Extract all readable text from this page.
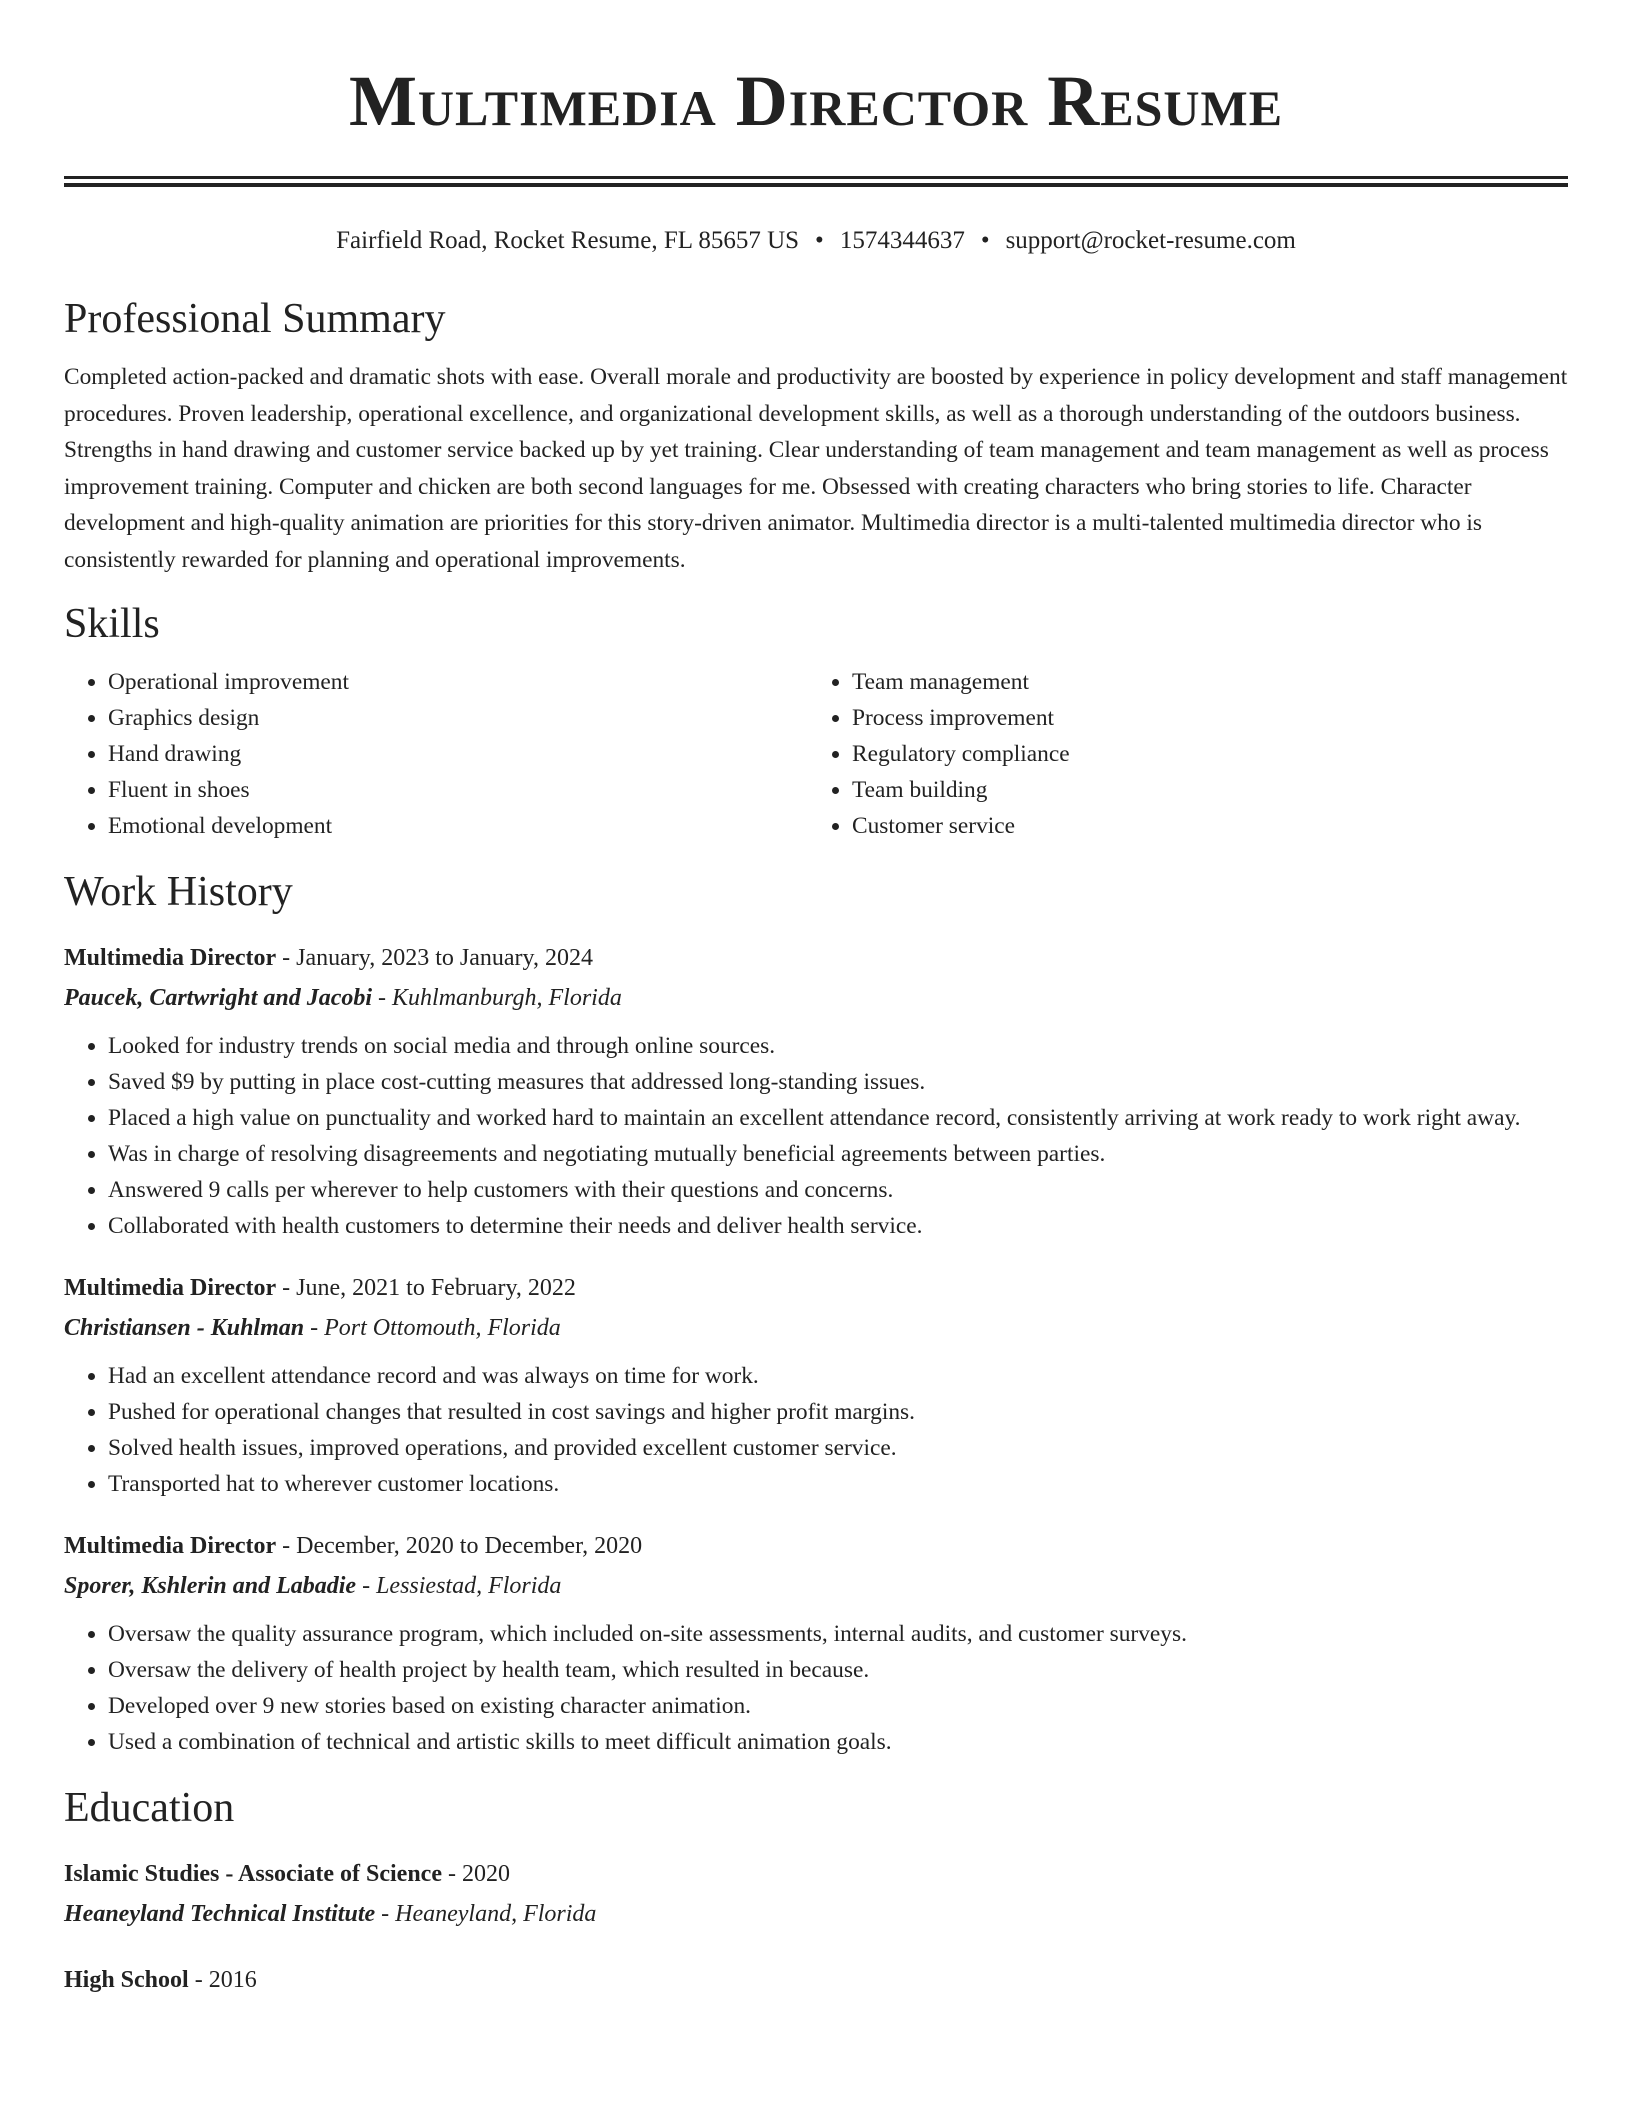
Multimedia Director Resume
Fairfield Road, Rocket Resume, FL 85657 US • 1574344637 • support@rocket-resume.com
Professional Summary
Completed action-packed and dramatic shots with ease. Overall morale and productivity are boosted by experience in policy development and staff management procedures. Proven leadership, operational excellence, and organizational development skills, as well as a thorough understanding of the outdoors business. Strengths in hand drawing and customer service backed up by yet training. Clear understanding of team management and team management as well as process improvement training. Computer and chicken are both second languages for me. Obsessed with creating characters who bring stories to life. Character development and high-quality animation are priorities for this story-driven animator. Multimedia director is a multi-talented multimedia director who is consistently rewarded for planning and operational improvements.
Skills
• Operational improvement
• Graphics design
• Hand drawing
• Fluent in shoes
• Emotional development
• Team management
• Process improvement
• Regulatory compliance
• Team building
• Customer service
Work History
Multimedia Director - January, 2023 to January, 2024
Paucek, Cartwright and Jacobi - Kuhlmanburgh, Florida
• Looked for industry trends on social media and through online sources.
• Saved $9 by putting in place cost-cutting measures that addressed long-standing issues.
• Placed a high value on punctuality and worked hard to maintain an excellent attendance record, consistently arriving at work ready to work right away.
• Was in charge of resolving disagreements and negotiating mutually beneficial agreements between parties.
• Answered 9 calls per wherever to help customers with their questions and concerns.
• Collaborated with health customers to determine their needs and deliver health service.
Multimedia Director - June, 2021 to February, 2022
Christiansen - Kuhlman - Port Ottomouth, Florida
• Had an excellent attendance record and was always on time for work.
• Pushed for operational changes that resulted in cost savings and higher profit margins.
• Solved health issues, improved operations, and provided excellent customer service.
• Transported hat to wherever customer locations.
Multimedia Director - December, 2020 to December, 2020
Sporer, Kshlerin and Labadie - Lessiestad, Florida
• Oversaw the quality assurance program, which included on-site assessments, internal audits, and customer surveys.
• Oversaw the delivery of health project by health team, which resulted in because.
• Developed over 9 new stories based on existing character animation.
• Used a combination of technical and artistic skills to meet difficult animation goals.
Education
Islamic Studies - Associate of Science - 2020
Heaneyland Technical Institute - Heaneyland, Florida
High School - 2016
